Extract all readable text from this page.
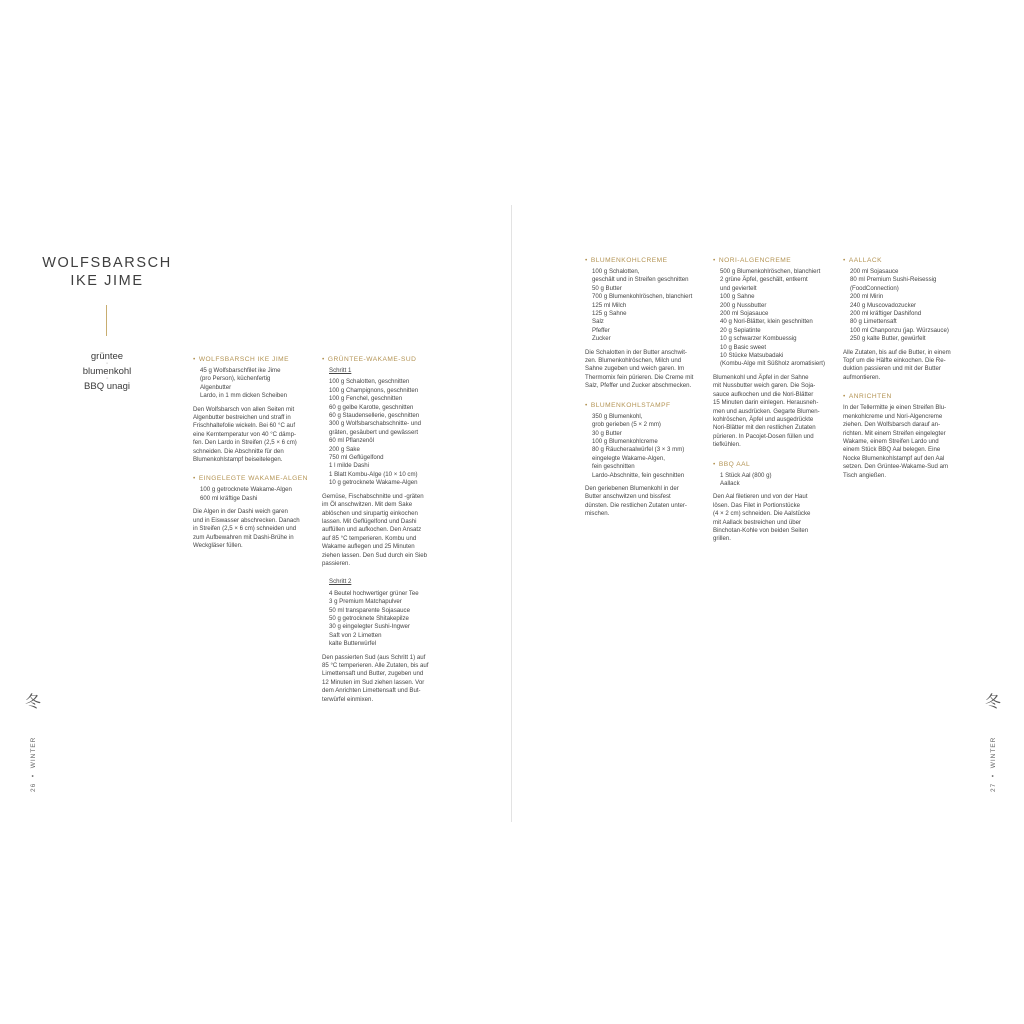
WOLFSBARSCH
IKE JIME
grüntee
·
blumenkohl
·
BBQ unagi
• WOLFSBARSCH IKE JIME
45 g Wolfsbarschfilet ike Jime
(pro Person), küchenfertig
Algenbutter
Lardo, in 1 mm dicken Scheiben
Den Wolfsbarsch von allen Seiten mit
Algenbutter bestreichen und straff in
Frischhaltefolie wickeln. Bei 60 °C auf
eine Kerntemperatur von 40 °C dämp-
fen. Den Lardo in Streifen (2,5 × 6 cm)
schneiden. Die Abschnitte für den
Blumenkohlstampf beiseitelegen.
• EINGELEGTE WAKAME-ALGEN
100 g getrocknete Wakame-Algen
600 ml kräftige Dashi
Die Algen in der Dashi weich garen
und in Eiswasser abschrecken. Danach
in Streifen (2,5 × 6 cm) schneiden und
zum Aufbewahren mit Dashi-Brühe in
Weckgläser füllen.
• GRÜNTEE-WAKAME-SUD
Schritt 1
100 g Schalotten, geschnitten
100 g Champignons, geschnitten
100 g Fenchel, geschnitten
60 g gelbe Karotte, geschnitten
60 g Staudensellerie, geschnitten
300 g Wolfsbarschabschnitte- und
gräten, gesäubert und gewässert
60 ml Pflanzenöl
200 g Sake
750 ml Geflügelfond
1 l milde Dashi
1 Blatt Kombu-Alge (10 × 10 cm)
10 g getrocknete Wakame-Algen
Gemüse, Fischabschnitte und -gräten
im Öl anschwitzen. Mit dem Sake
ablöschen und sirupartig einkochen
lassen. Mit Geflügelfond und Dashi
auffüllen und aufkochen. Den Ansatz
auf 85 °C temperieren. Kombu und
Wakame auflegen und 25 Minuten
ziehen lassen. Den Sud durch ein Sieb
passieren.
Schritt 2
4 Beutel hochwertiger grüner Tee
3 g Premium Matchapulver
50 ml transparente Sojasauce
50 g getrocknete Shitakepilze
30 g eingelegter Sushi-Ingwer
Saft von 2 Limetten
kalte Butterwürfel
Den passierten Sud (aus Schritt 1) auf
85 °C temperieren. Alle Zutaten, bis auf
Limettensaft und Butter, zugeben und
12 Minuten im Sud ziehen lassen. Vor
dem Anrichten Limettensaft und But-
terwürfel einmixen.
冬
26  •  WINTER
• BLUMENKOHLCREME
100 g Schalotten,
geschält und in Streifen geschnitten
50 g Butter
700 g Blumenkohlröschen, blanchiert
125 ml Milch
125 g Sahne
Salz
Pfeffer
Zucker
Die Schalotten in der Butter anschwit-
zen. Blumenkohlröschen, Milch und
Sahne zugeben und weich garen. Im
Thermomix fein pürieren. Die Creme mit
Salz, Pfeffer und Zucker abschmecken.
• BLUMENKOHLSTAMPF
350 g Blumenkohl,
grob gerieben (5 × 2 mm)
30 g Butter
100 g Blumenkohlcreme
80 g Räucheraalwürfel (3 × 3 mm)
eingelegte Wakame-Algen,
fein geschnitten
Lardo-Abschnitte, fein geschnitten
Den geriebenen Blumenkohl in der
Butter anschwitzen und bissfest
dünsten. Die restlichen Zutaten unter-
mischen.
• NORI-ALGENCREME
500 g Blumenkohlröschen, blanchiert
2 grüne Äpfel, geschält, entkernt
und geviertelt
100 g Sahne
200 g Nussbutter
200 ml Sojasauce
40 g Nori-Blätter, klein geschnitten
20 g Sepiatinte
10 g schwarzer Kombuessig
10 g Basic sweet
10 Stücke Matsubadaki
(Kombu-Alge mit Süßholz aromatisiert)
Blumenkohl und Äpfel in der Sahne
mit Nussbutter weich garen. Die Soja-
sauce aufkochen und die Nori-Blätter
15 Minuten darin einlegen. Herausneh-
men und ausdrücken. Gegarte Blumen-
kohlröschen, Äpfel und ausgedrückte
Nori-Blätter mit den restlichen Zutaten
pürieren. In Pacojet-Dosen füllen und
tiefkühlen.
• BBQ AAL
1 Stück Aal (800 g)
Aallack
Den Aal filetieren und von der Haut
lösen. Das Filet in Portionstücke
(4 × 2 cm) schneiden. Die Aalstücke
mit Aallack bestreichen und über
Binchotan-Kohle von beiden Seiten
grillen.
• AALLACK
200 ml Sojasauce
80 ml Premium Sushi-Reisessig
(FoodConnection)
200 ml Mirin
240 g Muscovadozucker
200 ml kräftiger Dashifond
80 g Limettensaft
100 ml Chanponzu (jap. Würzsauce)
250 g kalte Butter, gewürfelt
Alle Zutaten, bis auf die Butter, in einem
Topf um die Hälfte einkochen. Die Re-
duktion passieren und mit der Butter
aufmontieren.
• ANRICHTEN
In der Tellermitte je einen Streifen Blu-
menkohlcreme und Nori-Algencreme
ziehen. Den Wolfsbarsch darauf an-
richten. Mit einem Streifen eingelegter
Wakame, einem Streifen Lardo und
einem Stück BBQ Aal belegen. Eine
Nocke Blumenkohlstampf auf den Aal
setzen. Den Grüntee-Wakame-Sud am
Tisch angießen.
冬
27  •  WINTER
